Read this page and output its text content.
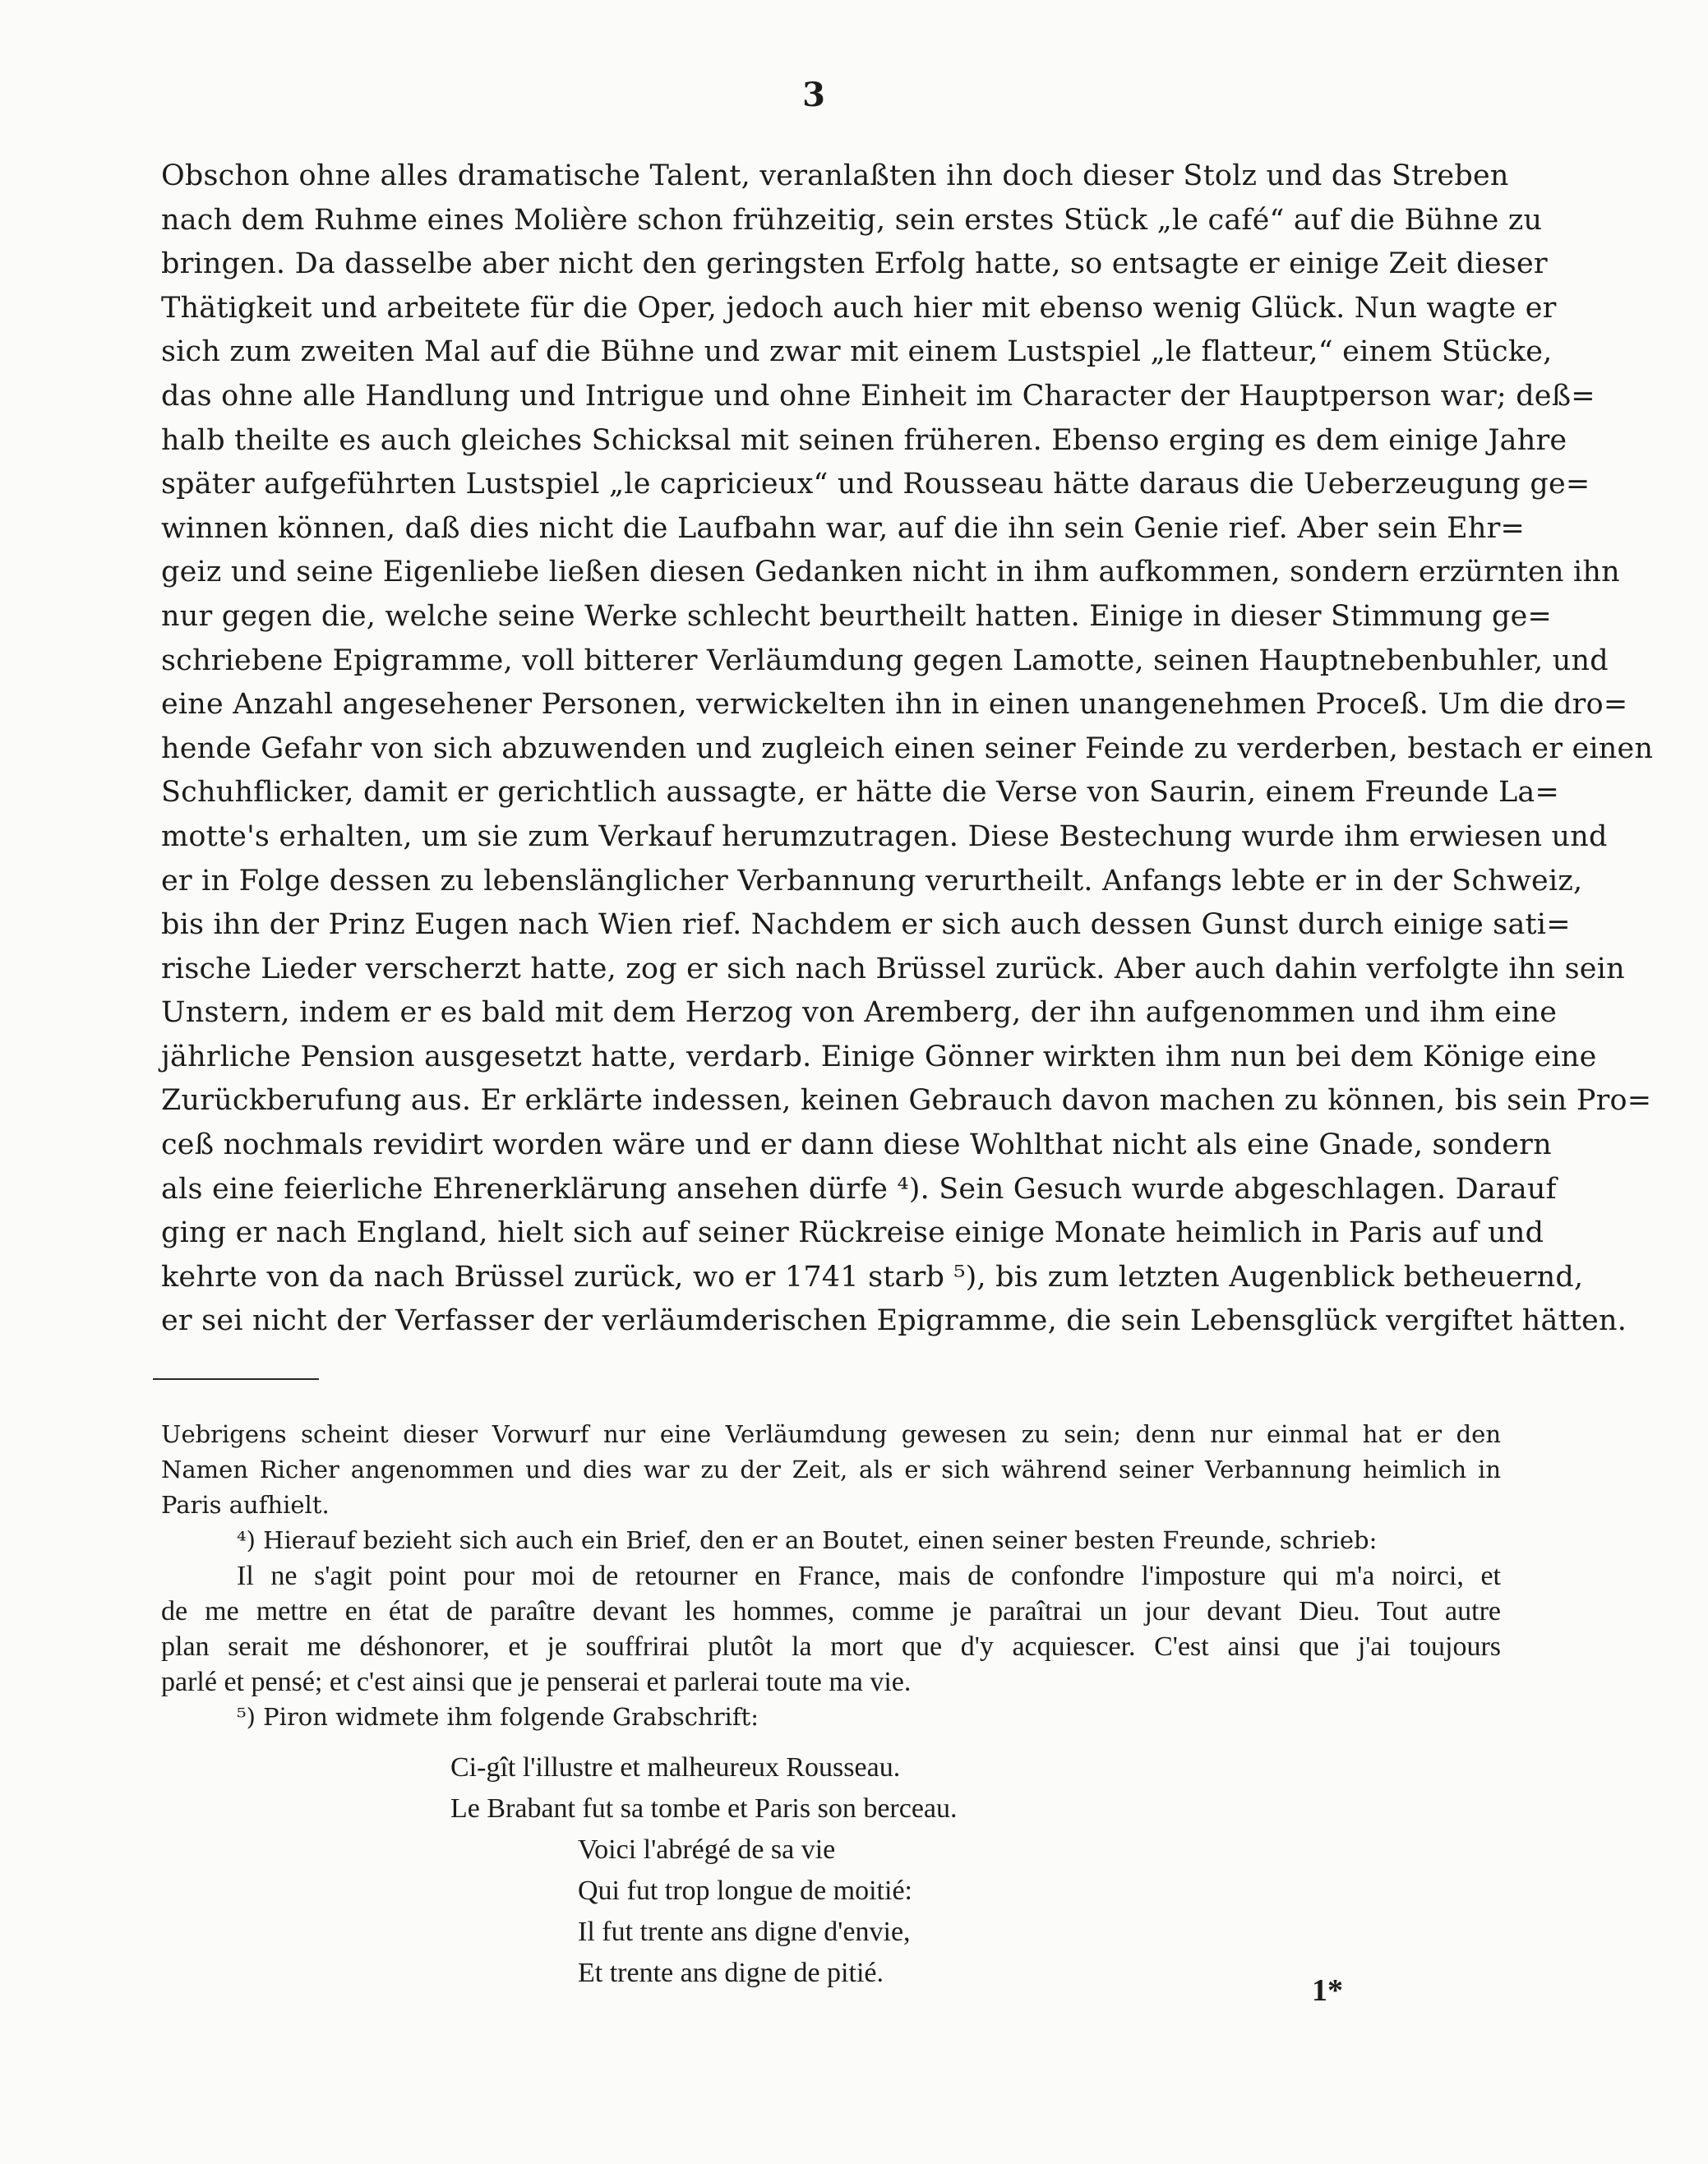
3
Obschon ohne alles dramatische Talent, veranlaßten ihn doch dieser Stolz und das Streben
nach dem Ruhme eines Molière schon frühzeitig, sein erstes Stück „le café“ auf die Bühne zu
bringen. Da dasselbe aber nicht den geringsten Erfolg hatte, so entsagte er einige Zeit dieser
Thätigkeit und arbeitete für die Oper, jedoch auch hier mit ebenso wenig Glück. Nun wagte er
sich zum zweiten Mal auf die Bühne und zwar mit einem Lustspiel „le flatteur,“ einem Stücke,
das ohne alle Handlung und Intrigue und ohne Einheit im Character der Hauptperson war; deß=
halb theilte es auch gleiches Schicksal mit seinen früheren. Ebenso erging es dem einige Jahre
später aufgeführten Lustspiel „le capricieux“ und Rousseau hätte daraus die Ueberzeugung ge=
winnen können, daß dies nicht die Laufbahn war, auf die ihn sein Genie rief. Aber sein Ehr=
geiz und seine Eigenliebe ließen diesen Gedanken nicht in ihm aufkommen, sondern erzürnten ihn
nur gegen die, welche seine Werke schlecht beurtheilt hatten. Einige in dieser Stimmung ge=
schriebene Epigramme, voll bitterer Verläumdung gegen Lamotte, seinen Hauptnebenbuhler, und
eine Anzahl angesehener Personen, verwickelten ihn in einen unangenehmen Proceß. Um die dro=
hende Gefahr von sich abzuwenden und zugleich einen seiner Feinde zu verderben, bestach er einen
Schuhflicker, damit er gerichtlich aussagte, er hätte die Verse von Saurin, einem Freunde La=
motte's erhalten, um sie zum Verkauf herumzutragen. Diese Bestechung wurde ihm erwiesen und
er in Folge dessen zu lebenslänglicher Verbannung verurtheilt. Anfangs lebte er in der Schweiz,
bis ihn der Prinz Eugen nach Wien rief. Nachdem er sich auch dessen Gunst durch einige sati=
rische Lieder verscherzt hatte, zog er sich nach Brüssel zurück. Aber auch dahin verfolgte ihn sein
Unstern, indem er es bald mit dem Herzog von Aremberg, der ihn aufgenommen und ihm eine
jährliche Pension ausgesetzt hatte, verdarb. Einige Gönner wirkten ihm nun bei dem Könige eine
Zurückberufung aus. Er erklärte indessen, keinen Gebrauch davon machen zu können, bis sein Pro=
ceß nochmals revidirt worden wäre und er dann diese Wohlthat nicht als eine Gnade, sondern
als eine feierliche Ehrenerklärung ansehen dürfe ⁴). Sein Gesuch wurde abgeschlagen. Darauf
ging er nach England, hielt sich auf seiner Rückreise einige Monate heimlich in Paris auf und
kehrte von da nach Brüssel zurück, wo er 1741 starb ⁵), bis zum letzten Augenblick betheuernd,
er sei nicht der Verfasser der verläumderischen Epigramme, die sein Lebensglück vergiftet hätten.
Uebrigens scheint dieser Vorwurf nur eine Verläumdung gewesen zu sein; denn nur einmal hat er den
Namen Richer angenommen und dies war zu der Zeit, als er sich während seiner Verbannung heimlich in
Paris aufhielt.
⁴) Hierauf bezieht sich auch ein Brief, den er an Boutet, einen seiner besten Freunde, schrieb:
Il ne s'agit point pour moi de retourner en France, mais de confondre l'imposture qui m'a noirci, et
de me mettre en état de paraître devant les hommes, comme je paraîtrai un jour devant Dieu. Tout autre
plan serait me déshonorer, et je souffrirai plutôt la mort que d'y acquiescer. C'est ainsi que j'ai toujours
parlé et pensé; et c'est ainsi que je penserai et parlerai toute ma vie.
⁵) Piron widmete ihm folgende Grabschrift:
Ci-gît l'illustre et malheureux Rousseau.
Le Brabant fut sa tombe et Paris son berceau.
Voici l'abrégé de sa vie
Qui fut trop longue de moitié:
Il fut trente ans digne d'envie,
Et trente ans digne de pitié.
1*
